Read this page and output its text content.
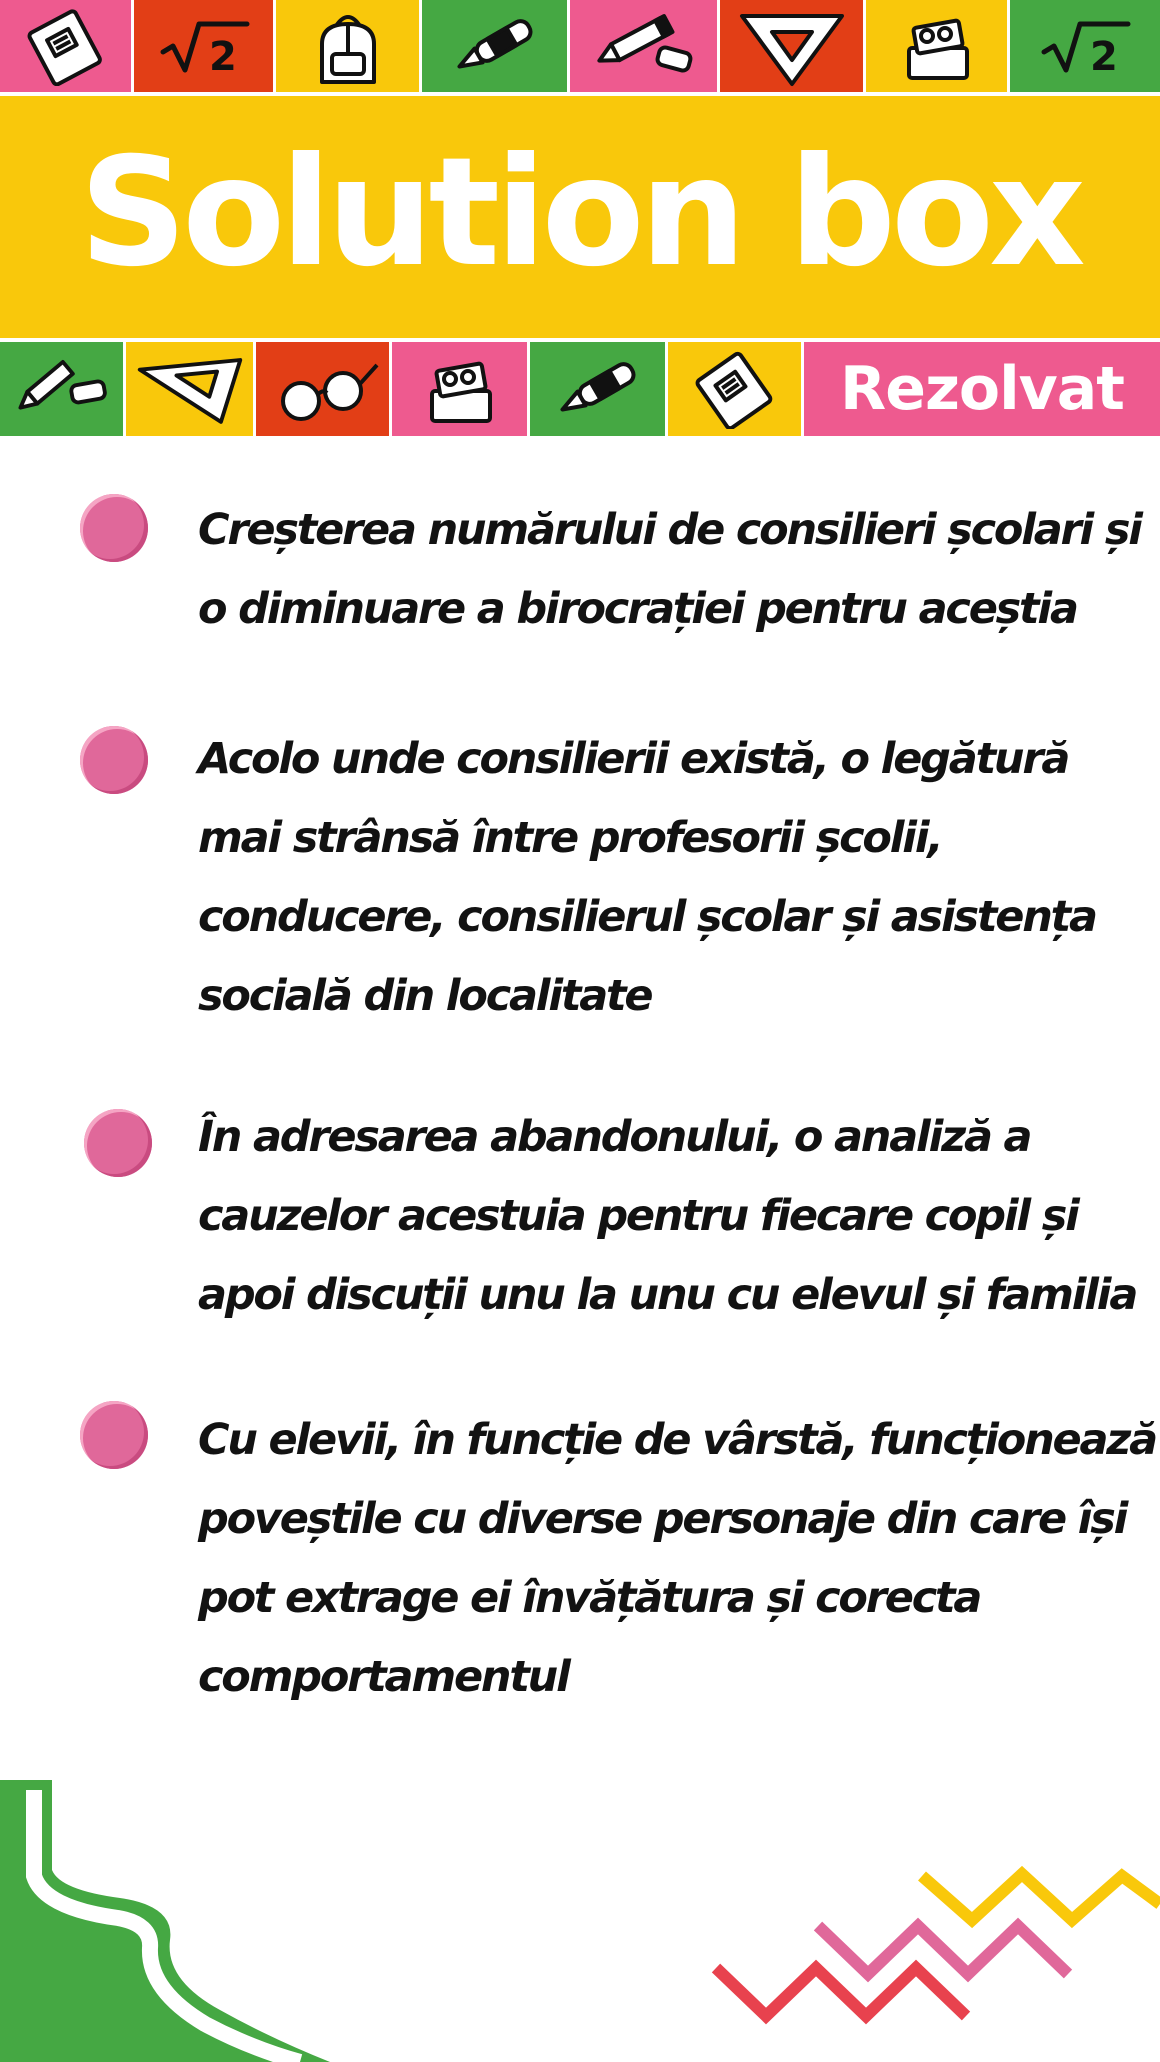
2	2
Solution box
Rezolvat

Creșterea numărului de consilieri școlari și o diminuare a birocrației pentru aceștia

Acolo unde consilierii există, o legătură mai strânsă între profesorii școlii, conducere, consilierul școlar și asistența socială din localitate

În adresarea abandonului, o analiză a cauzelor acestuia pentru fiecare copil și apoi discuții unu la unu cu elevul și familia

Cu elevii, în funcție de vârstă, funcționează poveștile cu diverse personaje din care își pot extrage ei învățătura și corecta comportamentul
